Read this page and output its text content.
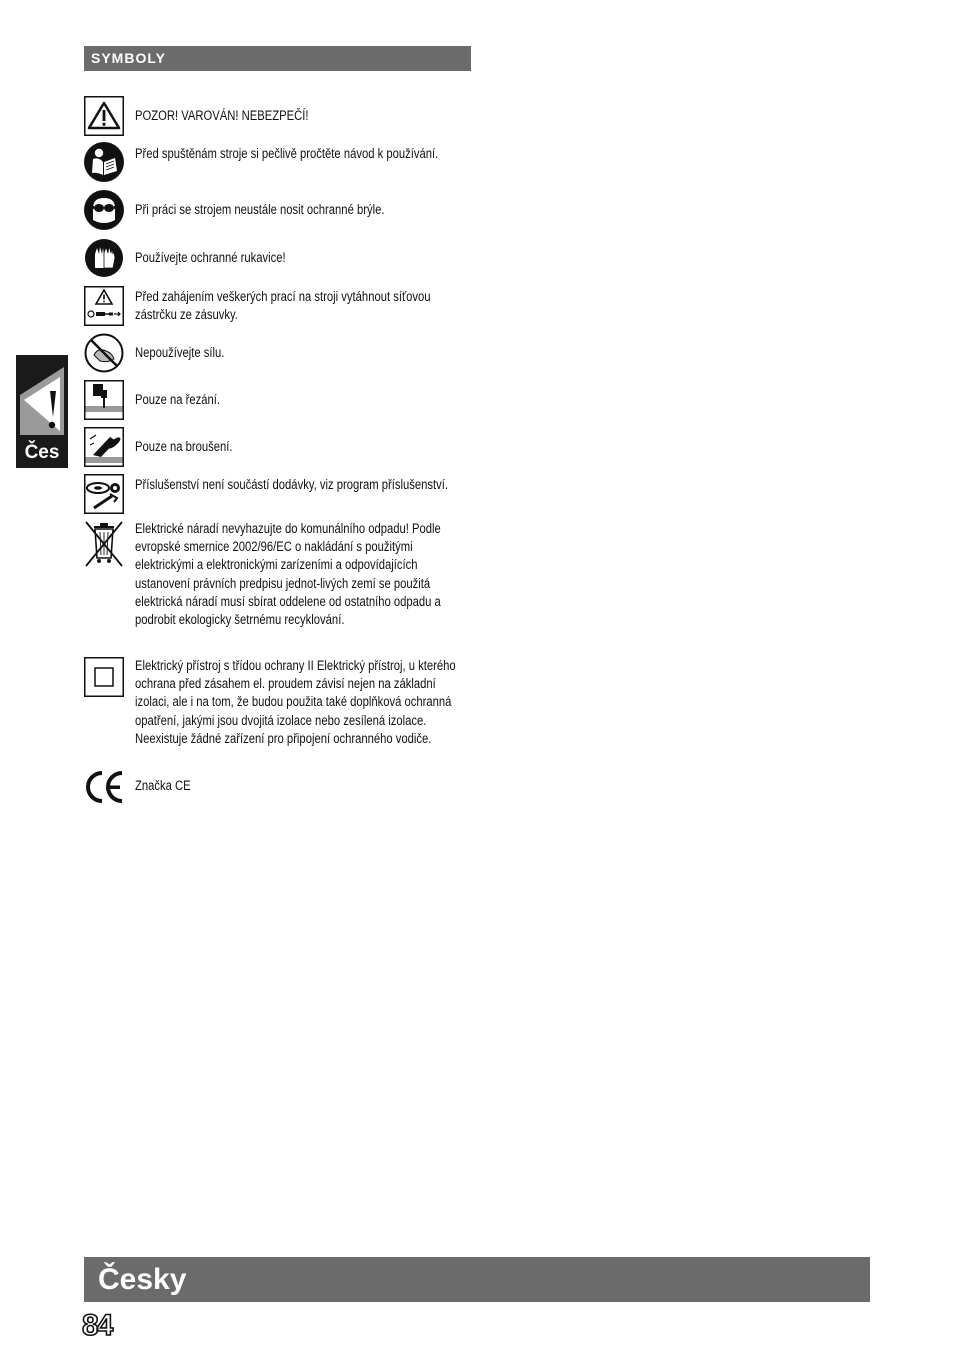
SYMBOLY
Čes
POZOR! VAROVÁN! NEBEZPEČÍ!
Před spuštěnám stroje si pečlivě pročtěte návod k používání.
Při práci se strojem neustále nosit ochranné brýle.
Používejte ochranné rukavice!
Před zahájením veškerých prací na stroji vytáhnout síťovou zástrčku ze zásuvky.
Nepoužívejte sílu.
Pouze na řezání.
Pouze na broušení.
Příslušenství není součástí dodávky, viz program příslušenství.
Elektrické náradí nevyhazujte do komunálního odpadu! Podle evropské smernice 2002/96/EC o nakládání s použitými elektrickými a elektronickými zarízeními a odpovídajících ustanovení právních predpisu jednot-livých zemí se použitá elektrická náradí musí sbírat oddelene od ostatního odpadu a podrobit ekologicky šetrnému recyklování.
Elektrický přístroj s třídou ochrany II Elektrický přístroj, u kterého ochrana před zásahem el. proudem závisí nejen na základní izolaci, ale i na tom, že budou použita také doplňková ochranná opatření, jakými jsou dvojitá izolace nebo zesílená izolace. Neexistuje žádné zařízení pro připojení ochranného vodiče.
Značka CE
Česky
84
